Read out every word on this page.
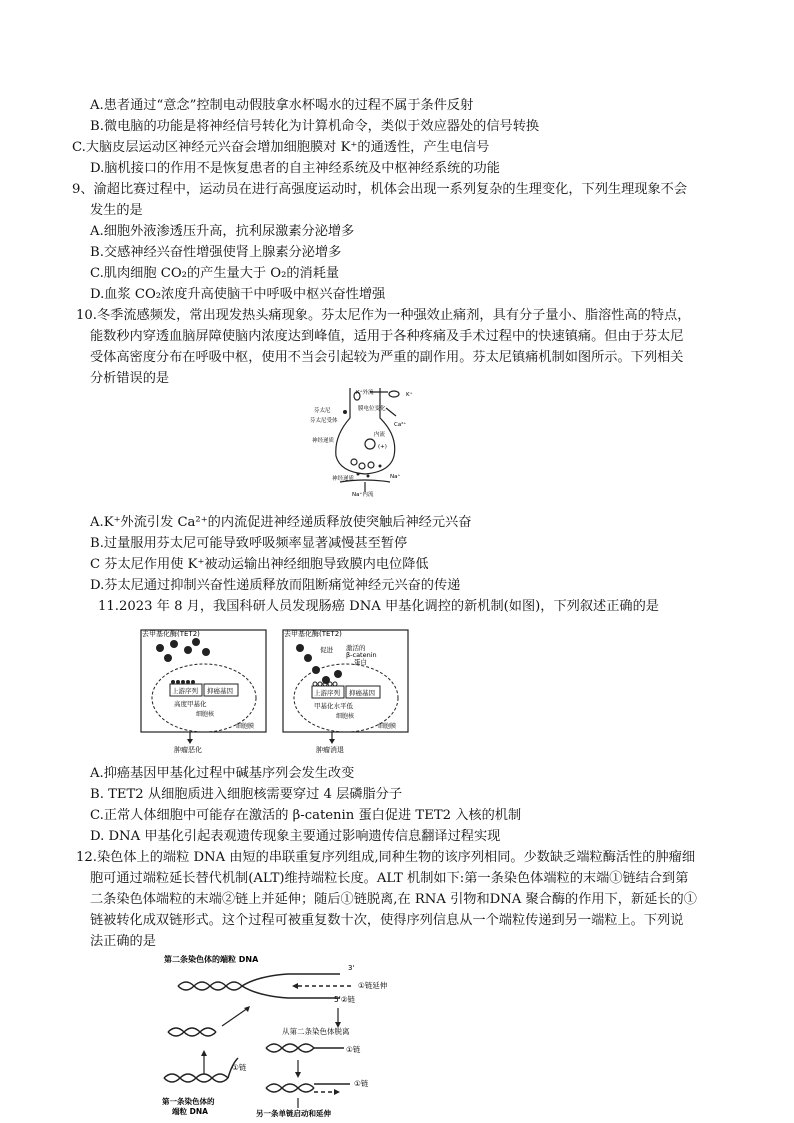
A.患者通过“意念”控制电动假肢拿水杯喝水的过程不属于条件反射
B.微电脑的功能是将神经信号转化为计算机命令，类似于效应器处的信号转换
C.大脑皮层运动区神经元兴奋会增加细胞膜对 K⁺的通透性，产生电信号
D.脑机接口的作用不是恢复患者的自主神经系统及中枢神经系统的功能
9、渝超比赛过程中，运动员在进行高强度运动时，机体会出现一系列复杂的生理变化，下列生理现象不会
发生的是
A.细胞外液渗透压升高，抗利尿激素分泌增多
B.交感神经兴奋性增强使肾上腺素分泌增多
C.肌肉细胞 CO₂的产生量大于 O₂的消耗量
D.血浆 CO₂浓度升高使脑干中呼吸中枢兴奋性增强
10.冬季流感频发，常出现发热头痛现象。芬太尼作为一种强效止痛剂，具有分子量小、脂溶性高的特点，
能数秒内穿透血脑屏障使脑内浓度达到峰值，适用于各种疼痛及手术过程中的快速镇痛。但由于芬太尼
受体高密度分布在呼吸中枢，使用不当会引起较为严重的副作用。芬太尼镇痛机制如图所示。下列相关
分析错误的是
K⁺外流	K⁺
芬太尼
芬太尼受体
膜电位变化
Ca²⁺
内流
(+)
神经递质
神经递质	Na⁺
Na⁺内流
A.K⁺外流引发 Ca²⁺的内流促进神经递质释放使突触后神经元兴奋
B.过量服用芬太尼可能导致呼吸频率显著减慢甚至暂停
C 芬太尼作用使 K⁺被动运输出神经细胞导致膜内电位降低
D.芬太尼通过抑制兴奋性递质释放而阻断痛觉神经元兴奋的传递
11.2023 年 8 月，我国科研人员发现肠癌 DNA 甲基化调控的新机制(如图)，下列叙述正确的是
去甲基化酶(TET2)
上游序列 抑癌基因
高度甲基化
细胞核
细胞膜
肿瘤恶化
去甲基化酶(TET2)
促进 激活的
β-catenin
蛋白
上游序列 抑癌基因
甲基化水平低
细胞核
细胞膜
肿瘤消退
A.抑癌基因甲基化过程中碱基序列会发生改变
B. TET2 从细胞质进入细胞核需要穿过 4 层磷脂分子
C.正常人体细胞中可能存在激活的 β-catenin 蛋白促进 TET2 入核的机制
D. DNA 甲基化引起表观遗传现象主要通过影响遗传信息翻译过程实现
12.染色体上的端粒 DNA 由短的串联重复序列组成,同种生物的该序列相同。少数缺乏端粒酶活性的肿瘤细
胞可通过端粒延长替代机制(ALT)维持端粒长度。ALT 机制如下:第一条染色体端粒的末端①链结合到第
二条染色体端粒的末端②链上并延伸；随后①链脱离,在 RNA 引物和DNA 聚合酶的作用下，新延长的①
链被转化成双链形式。这个过程可被重复数十次，使得序列信息从一个端粒传递到另一端粒上。下列说
法正确的是
第二条染色体的端粒 DNA
3'
①链延伸
5'②链
从第二条染色体脱离
①链
①链
第一条染色体的
端粒 DNA
①链
另一条单链启动和延伸
